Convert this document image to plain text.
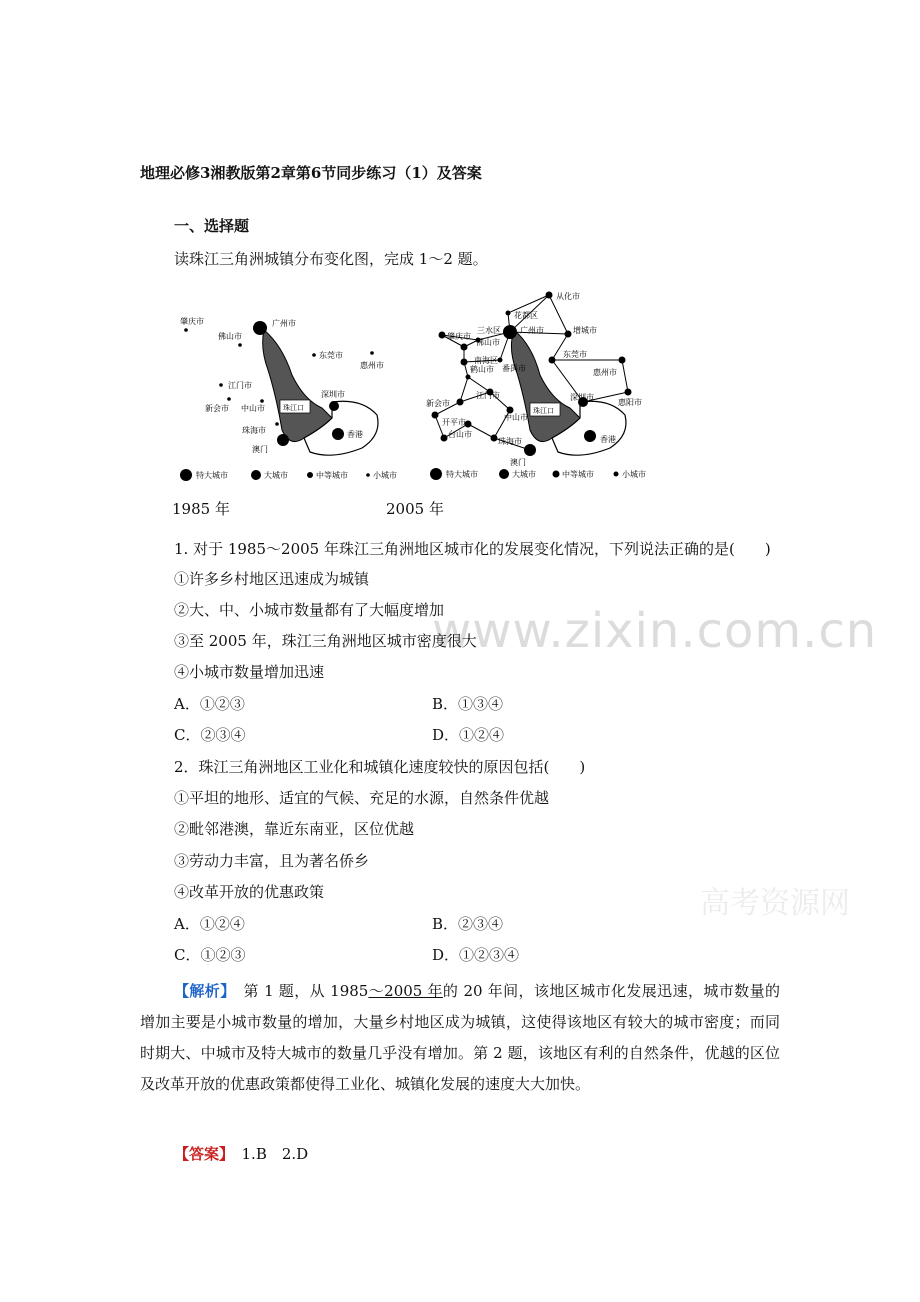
www.zixin.com.cn
高考资源网
地理必修3湘教版第2章第6节同步练习（1）及答案
一、选择题
读珠江三角洲城镇分布变化图，完成 1～2 题。
肇庆市
佛山市
广州市
东莞市
惠州市
江门市
新会市 中山市
深圳市
珠海市
澳门
香港
珠江口
特大城市	大城市	中等城市	小城市
从化市
花都区
三水区 广州市
佛山市
肇庆市
增城市
南海区
鹤山市 番禺市
东莞市
惠州市
江门市
新会市
深圳市
惠阳市
开平市
中山市
台山市
珠海市
澳门
香港
珠江口
特大城市	大城市	中等城市	小城市
1985 年	2005 年
1. 对于 1985～2005 年珠江三角洲地区城市化的发展变化情况，下列说法正确的是(　　)
①许多乡村地区迅速成为城镇
②大、中、小城市数量都有了大幅度增加
③至 2005 年，珠江三角洲地区城市密度很大
④小城市数量增加迅速
A．①②③	B．①③④
C．②③④	D．①②④
2．珠江三角洲地区工业化和城镇化速度较快的原因包括(　　)
①平坦的地形、适宜的气候、充足的水源，自然条件优越
②毗邻港澳，靠近东南亚，区位优越
③劳动力丰富，且为著名侨乡
④改革开放的优惠政策
A．①②④	B．②③④
C．①②③	D．①②③④
【解析】　第 1 题，从 1985～2005 年的 20 年间，该地区城市化发展迅速，城市数量的增加主要是小城市数量的增加，大量乡村地区成为城镇，这使得该地区有较大的城市密度；而同时期大、中城市及特大城市的数量几乎没有增加。第 2 题，该地区有利的自然条件，优越的区位及改革开放的优惠政策都使得工业化、城镇化发展的速度大大加快。
【答案】　1.B　2.D
